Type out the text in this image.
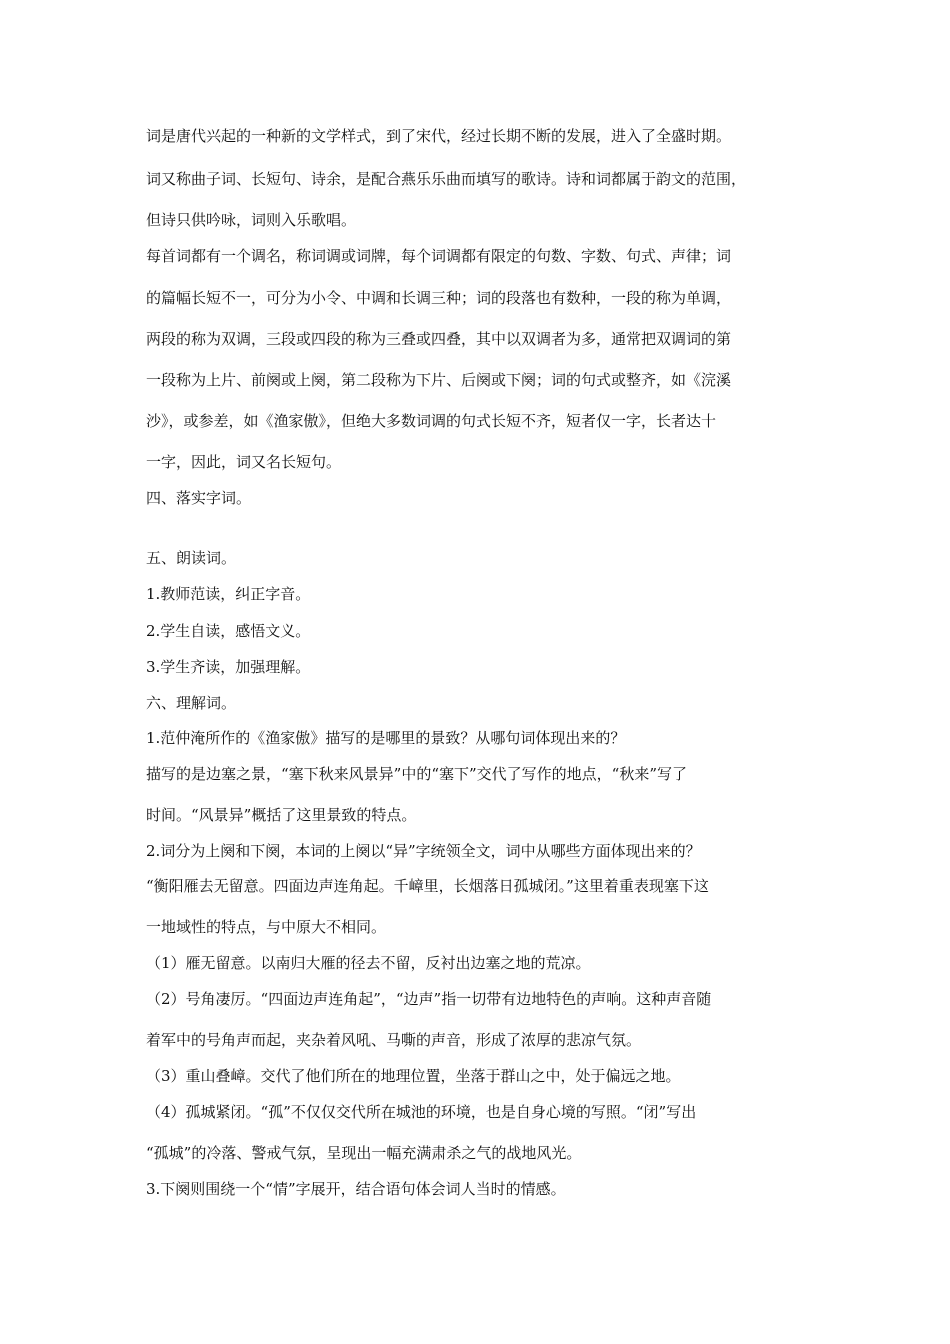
词是唐代兴起的一种新的文学样式，到了宋代，经过长期不断的发展，进入了全盛时期。
词又称曲子词、长短句、诗余，是配合燕乐乐曲而填写的歌诗。诗和词都属于韵文的范围，
但诗只供吟咏，词则入乐歌唱。
每首词都有一个调名，称词调或词牌，每个词调都有限定的句数、字数、句式、声律；词
的篇幅长短不一，可分为小令、中调和长调三种；词的段落也有数种，一段的称为单调，
两段的称为双调，三段或四段的称为三叠或四叠，其中以双调者为多，通常把双调词的第
一段称为上片、前阕或上阕，第二段称为下片、后阕或下阕；词的句式或整齐，如《浣溪
沙》，或参差，如《渔家傲》，但绝大多数词调的句式长短不齐，短者仅一字，长者达十
一字，因此，词又名长短句。
四、落实字词。
五、朗读词。
1.教师范读，纠正字音。
2.学生自读，感悟文义。
3.学生齐读，加强理解。
六、理解词。
1.范仲淹所作的《渔家傲》描写的是哪里的景致？从哪句词体现出来的？
描写的是边塞之景，“塞下秋来风景异”中的“塞下”交代了写作的地点，“秋来”写了
时间。“风景异”概括了这里景致的特点。
2.词分为上阕和下阕，本词的上阕以“异”字统领全文，词中从哪些方面体现出来的？
“衡阳雁去无留意。四面边声连角起。千嶂里，长烟落日孤城闭。”这里着重表现塞下这
一地域性的特点，与中原大不相同。
（1）雁无留意。以南归大雁的径去不留，反衬出边塞之地的荒凉。
（2）号角凄厉。“四面边声连角起”，“边声”指一切带有边地特色的声响。这种声音随
着军中的号角声而起，夹杂着风吼、马嘶的声音，形成了浓厚的悲凉气氛。
（3）重山叠嶂。交代了他们所在的地理位置，坐落于群山之中，处于偏远之地。
（4）孤城紧闭。“孤”不仅仅交代所在城池的环境，也是自身心境的写照。“闭”写出
“孤城”的冷落、警戒气氛，呈现出一幅充满肃杀之气的战地风光。
3.下阕则围绕一个“情”字展开，结合语句体会词人当时的情感。
